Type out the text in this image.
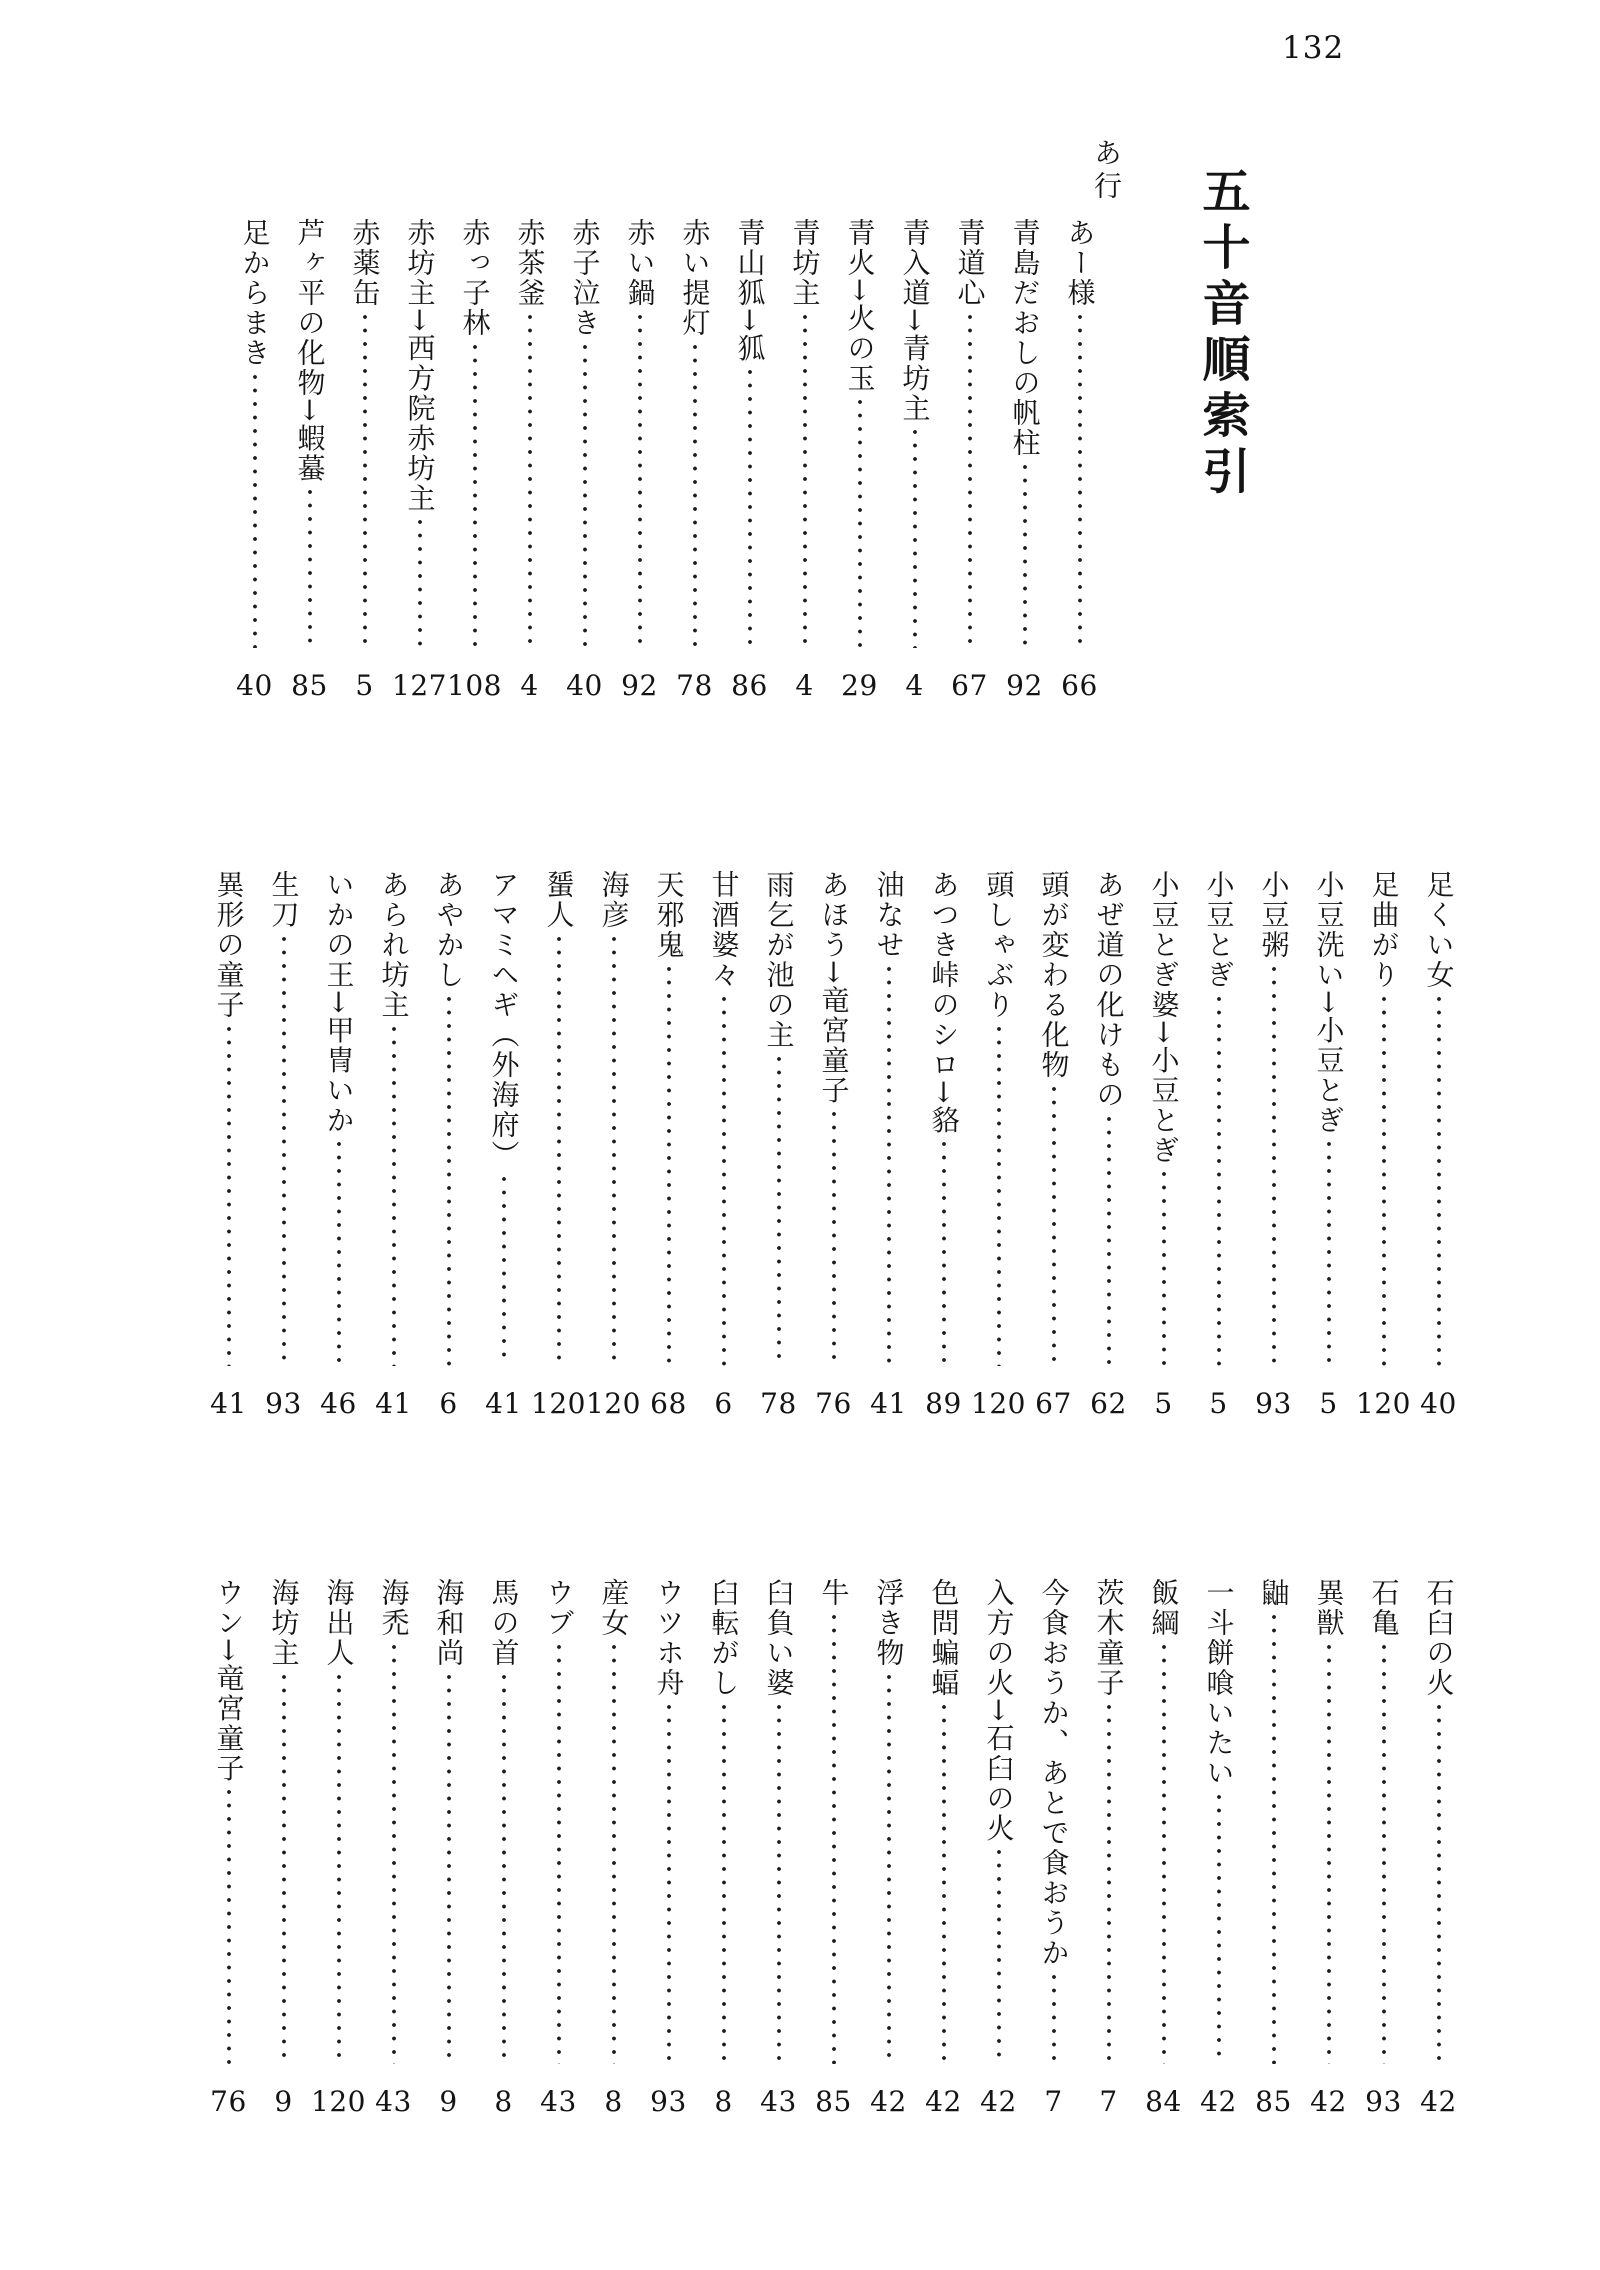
132
五十音順索引
あ行
あー様
66
青島だおしの帆柱
92
青道心
67
青入道→青坊主
4
青火→火の玉
29
青坊主
4
青山狐→狐
86
赤い提灯
78
赤い鍋
92
赤子泣き
40
赤茶釜
4
赤っ子林
108
赤坊主→西方院赤坊主
127
赤薬缶
5
芦ヶ平の化物→蝦蟇
85
足からまき
40
足くい女
40
足曲がり
120
小豆洗い→小豆とぎ
5
小豆粥
93
小豆とぎ
5
小豆とぎ婆→小豆とぎ
5
あぜ道の化けもの
62
頭が変わる化物
67
頭しゃぶり
120
あつき峠のシロ→貉
89
油なせ
41
あほう→竜宮童子
76
雨乞が池の主
78
甘酒婆々
6
天邪鬼
68
海彦
120
蜑人
120
アマミヘギ（外海府）
41
あやかし
6
あられ坊主
41
いかの王→甲冑いか
46
生刀
93
異形の童子
41
石臼の火
42
石亀
93
異獣
42
鼬
85
一斗餅喰いたい
42
飯綱
84
茨木童子
7
今食おうか、あとで食おうか
7
入方の火→石臼の火
42
色問蝙蝠
42
浮き物
42
牛
85
臼負い婆
43
臼転がし
8
ウツホ舟
93
産女
8
ウブ
43
馬の首
8
海和尚
9
海禿
43
海出人
120
海坊主
9
ウン→竜宮童子
76
